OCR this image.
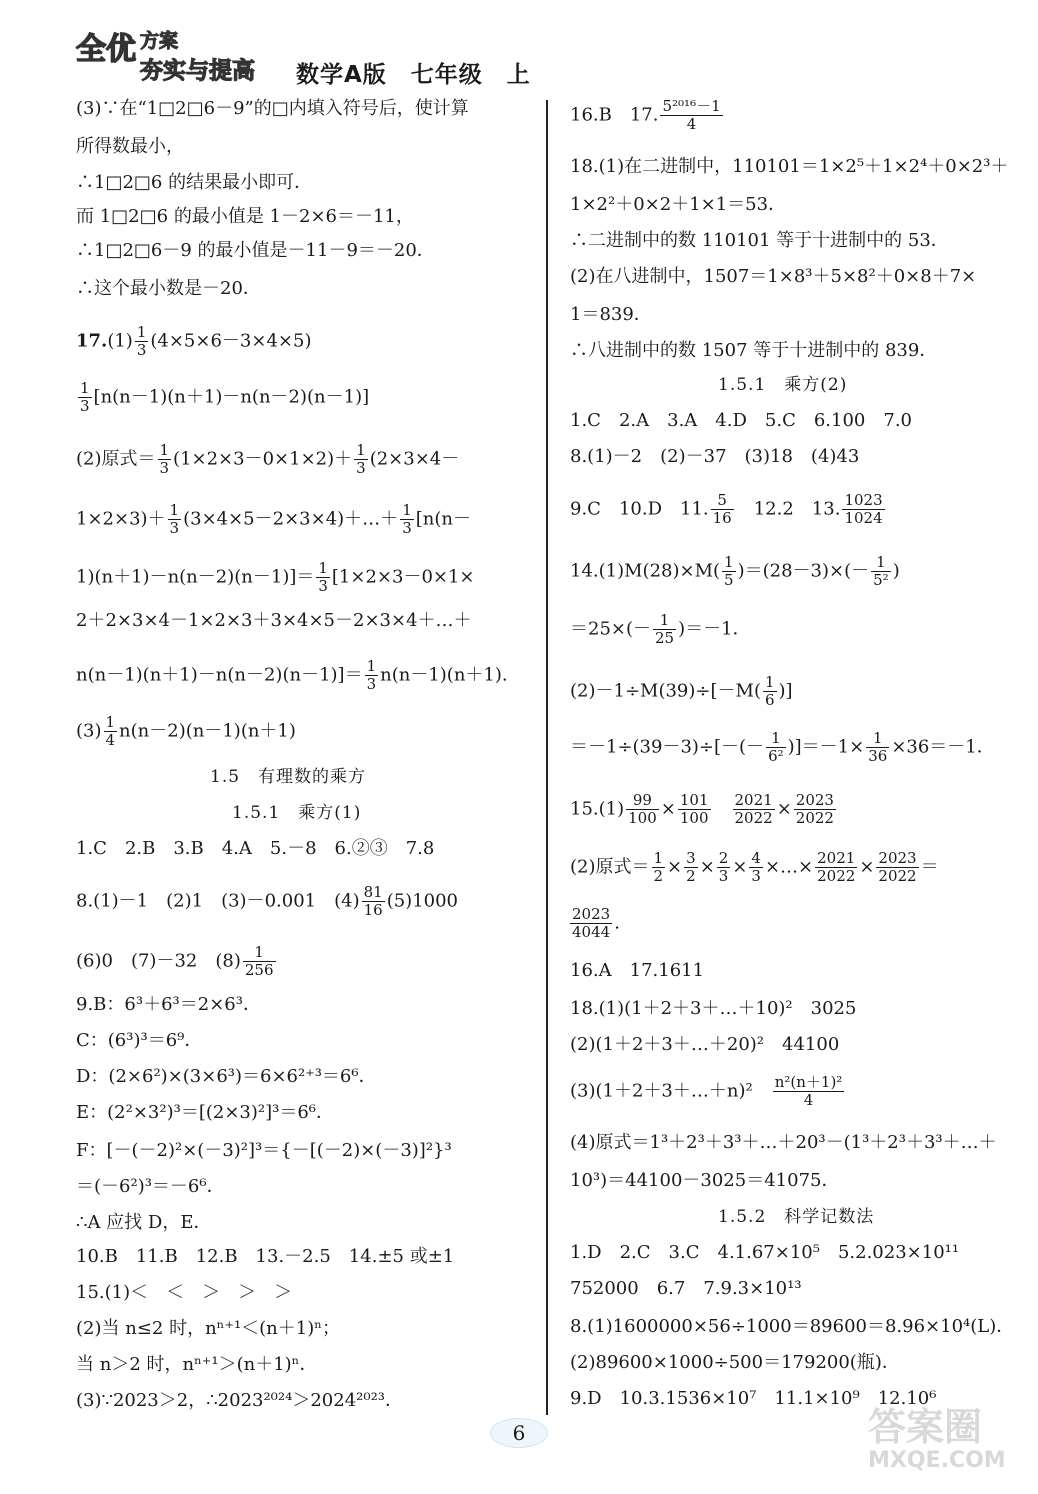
全优 方案
夯实与提高 数学A版　七年级　上
(3)∵在“1□2□6－9”的□内填入符号后，使计算
所得数最小，
∴1□2□6 的结果最小即可．
而 1□2□6 的最小值是 1－2×6＝－11，
∴1□2□6－9 的最小值是－11－9＝－20．
∴这个最小数是－20．
$17.(1) \frac{1}{3} (4\times 5\times 6-3\times 4\times 5)$
$\frac{1}{3} [n(n-1)(n+1)-n(n-2)(n-1)]$
(2)原式＝ $\frac{1}{3} (1\times 2\times 3-0\times 1\times 2)+ \frac{1}{3} (2\times 3\times 4-$
$1\times 2\times 3)+ \frac{1}{3}$ (3×4×5－2×3×4)＋…＋ $\frac{1}{3} [n(n-$
$1)(n+1)-n(n-2)(n-1)]= \frac{1}{3} [1\times 2\times 3-0\times 1\times$
2＋2×3×4－1×2×3＋3×4×5－2×3×4＋…＋
$n(n-1)(n+1)-n(n-2)(n-1)]= \frac{1}{3} n(n-1)(n+1)$.
$(3) \frac{1}{4} n(n-2)(n-1)(n+1)$
1.5　有理数的乘方
1.5.1　乘方(1)
1.C　2.B　3.B　4.A　5.－8　6.②③　7.8
8.(1)－1　(2)1　(3)－0.001　$(4) \frac{81}{16} (5)1000$
(6)0　(7)－32　$(8) \frac{1}{256}$
9.B：6³＋6³＝2×6³．
C：(6³)³＝6⁹．
D：(2×6²)×(3×6³)＝6×6²⁺³＝6⁶．
E：(2²×3²)³＝[(2×3)²]³＝6⁶．
F：[－(－2)²×(－3)²]³＝{－[(－2)×(－3)]²}³
＝(－6²)³＝－6⁶．
∴A 应找 D，E．
10.B　11.B　12.B　13.－2.5　14.±5 或±1
15.(1)＜　＜　＞　＞　＞
(2)当 n≤2 时，nⁿ⁺¹＜(n＋1)ⁿ；
当 n＞2 时，nⁿ⁺¹＞(n＋1)ⁿ．
(3)∵2023＞2，∴2023²⁰²⁴＞2024²⁰²³．
16.B　17. $\frac{\text{5²⁰¹⁶－1}}{4}$
18.(1)在二进制中，110101＝1×2⁵＋1×2⁴＋0×2³＋
1×2²＋0×2＋1×1＝53．
∴二进制中的数 110101 等于十进制中的 53．
(2)在八进制中，1507＝1×8³＋5×8²＋0×8＋7×
1＝839．
∴八进制中的数 1507 等于十进制中的 839．
1.5.1　乘方(2)
1.C　2.A　3.A　4.D　5.C　6.100　7.0
8.(1)－2　(2)－37　(3)18　(4)43
9.C　10.D　11. $\frac{5}{16}$
　 12.2　13. $\frac{1023}{1024}$
$14.(1)M(28)\times M( \frac{1}{5} )=(28-3)\times(- \frac{1}{\text{5²}}$ )
$=25\times(- \frac{1}{25} )=-1$．
$(2)-1\div M(39)\div[-M( \frac{1}{6}$ )]
$=-1\div(39-3)\div[-(- \frac{1}{\text{6²}} )]=-1\times \frac{1}{36} \times 36=-1$．
$15.(1) \frac{99}{100} \times \frac{101}{100}$
　 $\frac{2021}{2022} \times \frac{2023}{2022}$
(2)原式＝ $\frac{1}{2} \times \frac{3}{2} \times \frac{2}{3} \times \frac{4}{3}$ ×…× $\frac{2021}{2022} \times \frac{2023}{2022}$ ＝
$\frac{2023}{4044}$ .
16.A　17.1611
18.(1)(1＋2＋3＋…＋10)²　3025
(2)(1＋2＋3＋…＋20)²　44100
(3)(1＋2＋3＋…＋n)²　 $\frac{\text{n²(n＋1)²}}{4}$
(4)原式＝1³＋2³＋3³＋…＋20³－(1³＋2³＋3³＋…＋
10³)＝44100－3025＝41075．
1.5.2　科学记数法
1.D　2.C　3.C　4.1.67×10⁵　5.2.023×10¹¹
752000　6.7　7.9.3×10¹³
8.(1)1600000×56÷1000＝89600＝8.96×10⁴(L)．
(2)89600×1000÷500＝179200(瓶)．
9.D　10.3.1536×10⁷　11.1×10⁹　12.10⁶
6	答案圈
MXQE.COM
